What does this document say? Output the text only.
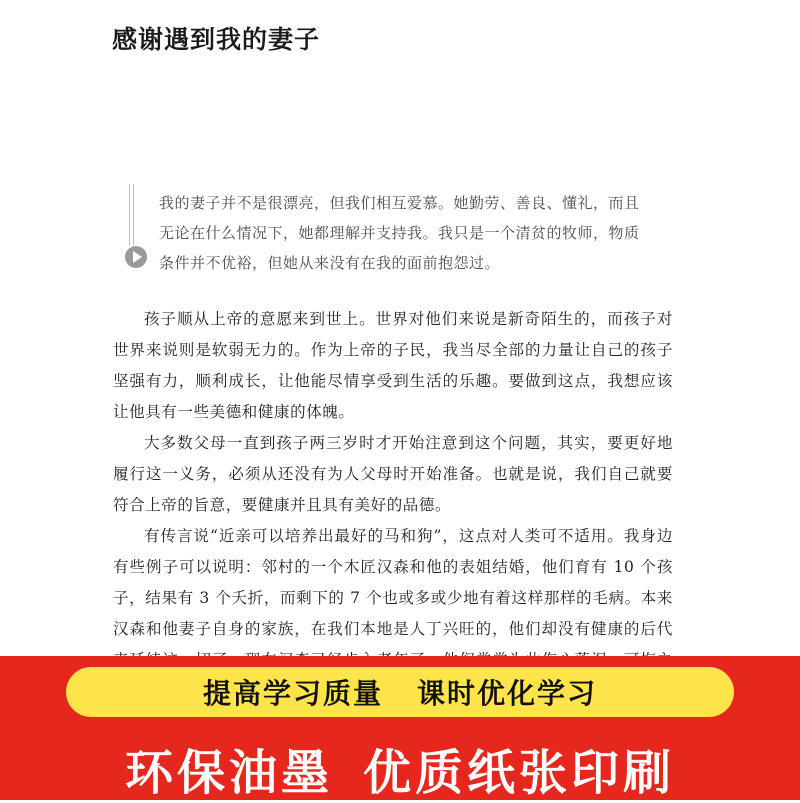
感谢遇到我的妻子
我的妻子并不是很漂亮，但我们相互爱慕。她勤劳、善良、懂礼，而且无论在什么情况下，她都理解并支持我。我只是一个清贫的牧师，物质条件并不优裕，但她从来没有在我的面前抱怨过。

孩子顺从上帝的意愿来到世上。世界对他们来说是新奇陌生的，而孩子对世界来说则是软弱无力的。作为上帝的子民，我当尽全部的力量让自己的孩子坚强有力，顺利成长，让他能尽情享受到生活的乐趣。要做到这点，我想应该让他具有一些美德和健康的体魄。

大多数父母一直到孩子两三岁时才开始注意到这个问题，其实，要更好地履行这一义务，必须从还没有为人父母时开始准备。也就是说，我们自己就要符合上帝的旨意，要健康并且具有美好的品德。

有传言说“近亲可以培养出最好的马和狗”，这点对人类可不适用。我身边有些例子可以说明：邻村的一个木匠汉森和他的表姐结婚，他们育有 10 个孩子，结果有 3 个夭折，而剩下的 7 个也或多或少地有着这样那样的毛病。本来汉森和他妻子自身的家族，在我们本地是人丁兴旺的，他们却没有健康的后代

提高学习质量 课时优化学习
环保油墨 优质纸张印刷
